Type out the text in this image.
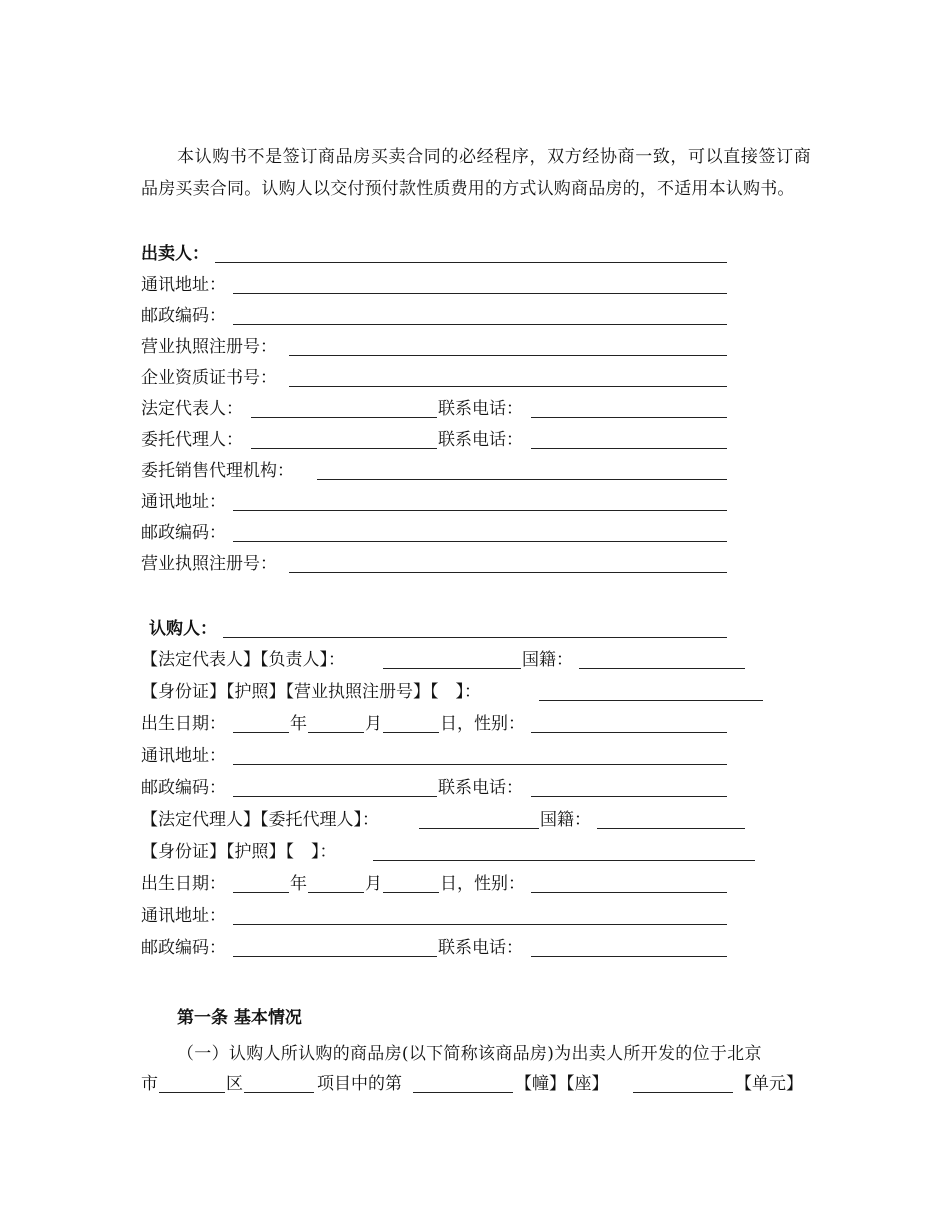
本认购书不是签订商品房买卖合同的必经程序，双方经协商一致，可以直接签订商品房买卖合同。认购人以交付预付款性质费用的方式认购商品房的，不适用本认购书。

出卖人：
通讯地址：
邮政编码：
营业执照注册号：
企业资质证书号：
法定代表人：	联系电话：
委托代理人：	联系电话：
委托销售代理机构：
通讯地址：
邮政编码：
营业执照注册号：
认购人：
【法定代表人】【负责人】：	国籍：
【身份证】【护照】【营业执照注册号】【　】：
出生日期：	年	月	日，性别：
通讯地址：
邮政编码：	联系电话：
【法定代理人】【委托代理人】：	国籍：
【身份证】【护照】【　】：
出生日期：	年	月	日，性别：
通讯地址：
邮政编码：	联系电话：
第一条 基本情况

（一）认购人所认购的商品房(以下简称该商品房)为出卖人所开发的位于北京

市	区	项目中的第	【幢】【座】	【单元】
